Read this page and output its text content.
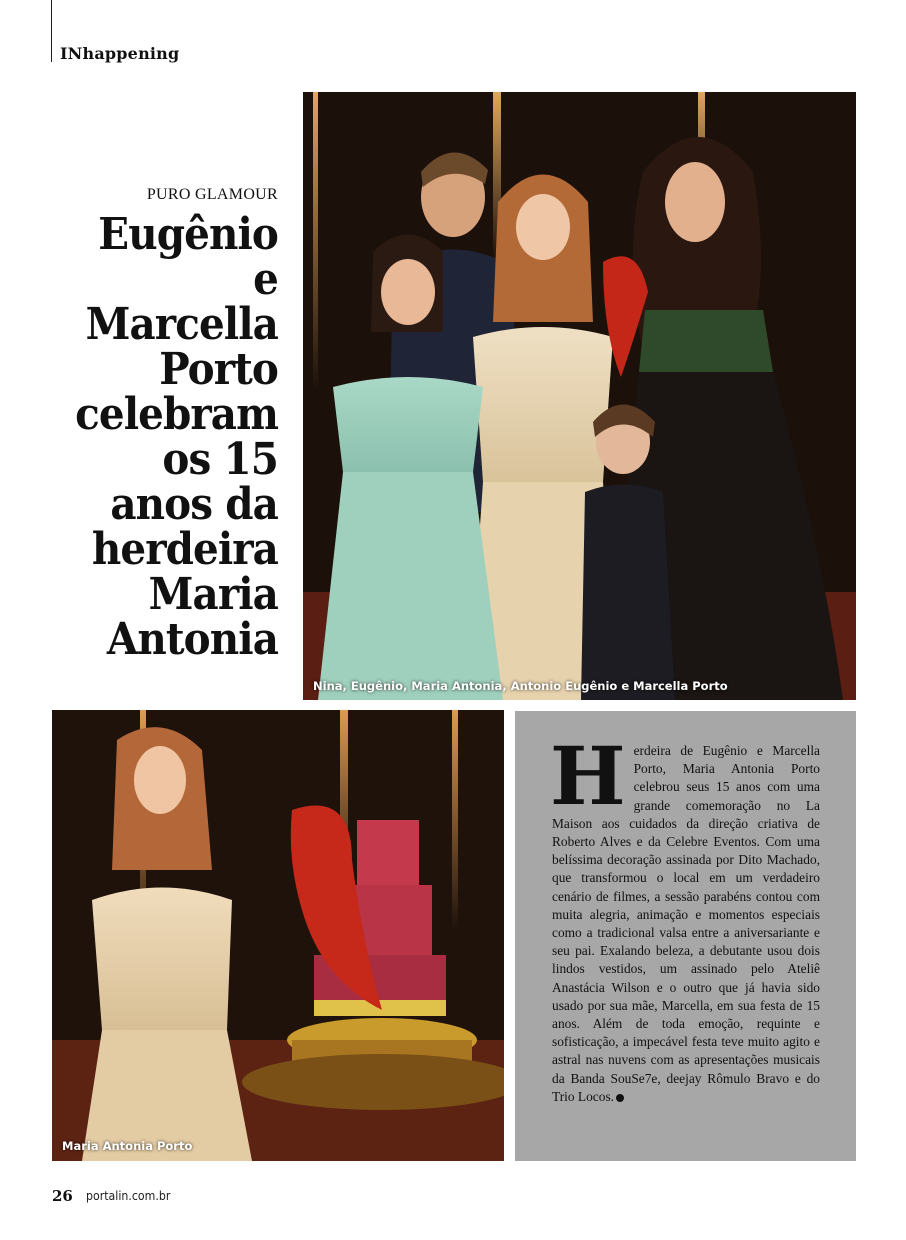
INhappening
PURO GLAMOUR
Eugênio e Marcella Porto celebram os 15 anos da herdeira Maria Antonia
Nina, Eugênio, Maria Antonia, Antonio Eugênio e Marcella Porto
Maria Antonia Porto
Herdeira de Eugênio e Marcella Porto, Maria Antonia Porto celebrou seus 15 anos com uma grande comemoração no La Maison aos cuidados da direção criativa de Roberto Alves e da Celebre Eventos. Com uma belíssima decoração assinada por Dito Machado, que transformou o local em um verdadeiro cenário de filmes, a sessão parabéns contou com muita alegria, animação e momentos especiais como a tradicional valsa entre a aniversariante e seu pai. Exalando beleza, a debutante usou dois lindos vestidos, um assinado pelo Ateliê Anastácia Wilson e o outro que já havia sido usado por sua mãe, Marcella, em sua festa de 15 anos. Além de toda emoção, requinte e sofisticação, a impecável festa teve muito agito e astral nas nuvens com as apresentações musicais da Banda SouSe7e, deejay Rômulo Bravo e do Trio Locos.
26 portalin.com.br
